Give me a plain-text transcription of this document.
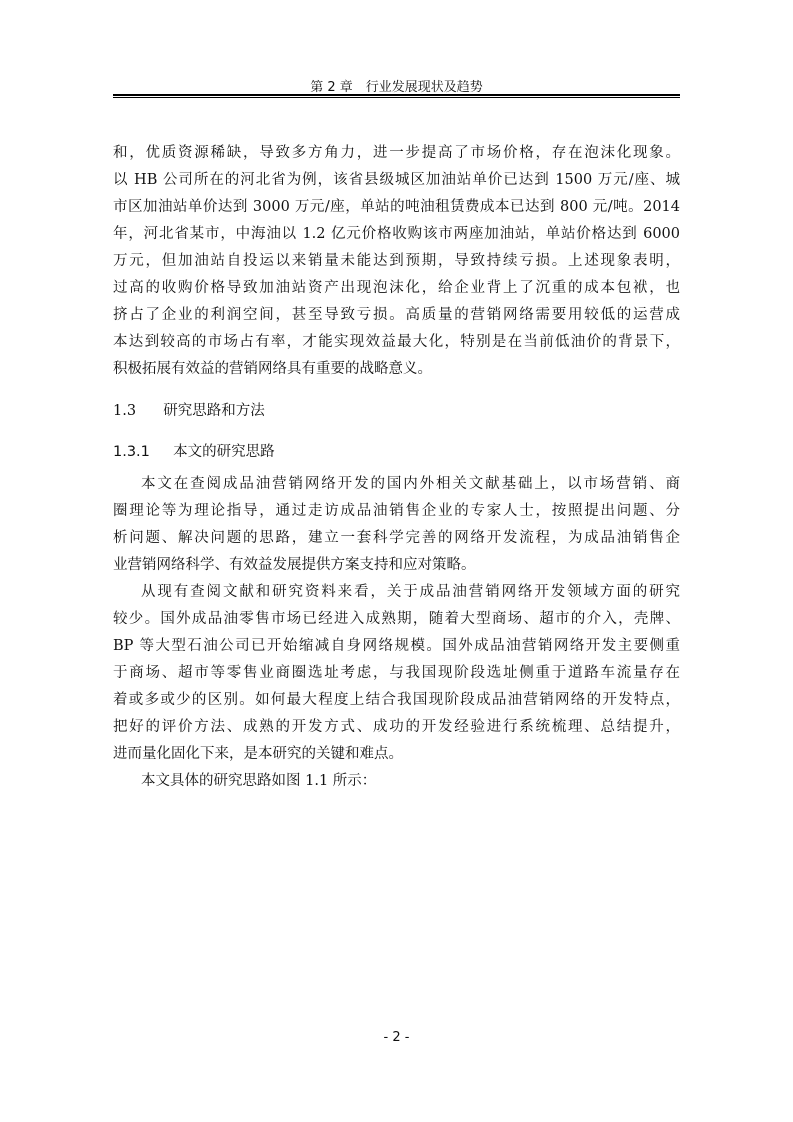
第 2 章　行业发展现状及趋势
和，优质资源稀缺，导致多方角力，进一步提高了市场价格，存在泡沫化现象。
以 HB 公司所在的河北省为例，该省县级城区加油站单价已达到 1500 万元/座、城
市区加油站单价达到 3000 万元/座，单站的吨油租赁费成本已达到 800 元/吨。2014
年，河北省某市，中海油以 1.2 亿元价格收购该市两座加油站，单站价格达到 6000
万元，但加油站自投运以来销量未能达到预期，导致持续亏损。上述现象表明，
过高的收购价格导致加油站资产出现泡沫化，给企业背上了沉重的成本包袱，也
挤占了企业的利润空间，甚至导致亏损。高质量的营销网络需要用较低的运营成
本达到较高的市场占有率，才能实现效益最大化，特别是在当前低油价的背景下，
积极拓展有效益的营销网络具有重要的战略意义。
1.3 研究思路和方法
1.3.1 本文的研究思路
本文在查阅成品油营销网络开发的国内外相关文献基础上，以市场营销、商
圈理论等为理论指导，通过走访成品油销售企业的专家人士，按照提出问题、分
析问题、解决问题的思路，建立一套科学完善的网络开发流程，为成品油销售企
业营销网络科学、有效益发展提供方案支持和应对策略。
从现有查阅文献和研究资料来看，关于成品油营销网络开发领域方面的研究
较少。国外成品油零售市场已经进入成熟期，随着大型商场、超市的介入，壳牌、
BP 等大型石油公司已开始缩减自身网络规模。国外成品油营销网络开发主要侧重
于商场、超市等零售业商圈选址考虑，与我国现阶段选址侧重于道路车流量存在
着或多或少的区别。如何最大程度上结合我国现阶段成品油营销网络的开发特点，
把好的评价方法、成熟的开发方式、成功的开发经验进行系统梳理、总结提升，
进而量化固化下来，是本研究的关键和难点。
本文具体的研究思路如图 1.1 所示：
- 2 -
